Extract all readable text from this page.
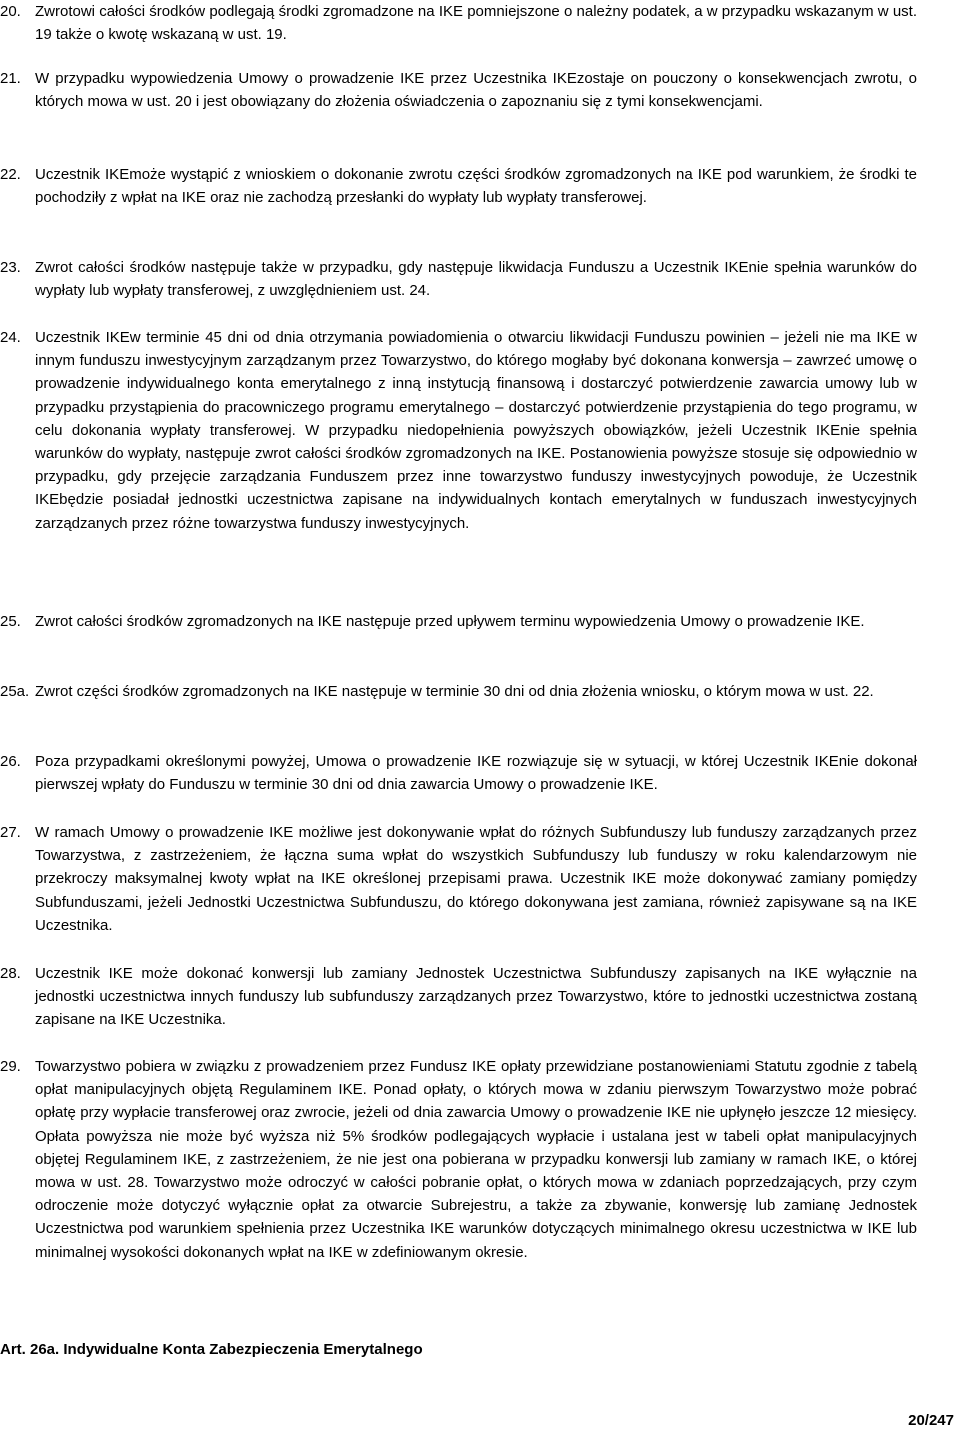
20. Zwrotowi całości środków podlegają środki zgromadzone na IKE pomniejszone o należny podatek, a w przypadku wskazanym w ust. 19 także o kwotę wskazaną w ust. 19.
21. W przypadku wypowiedzenia Umowy o prowadzenie IKE przez Uczestnika IKEzostaje on pouczony o konsekwencjach zwrotu, o których mowa w ust. 20 i jest obowiązany do złożenia oświadczenia o zapoznaniu się z tymi konsekwencjami.
22. Uczestnik IKEmoże wystąpić z wnioskiem o dokonanie zwrotu części środków zgromadzonych na IKE pod warunkiem, że środki te pochodziły z wpłat na IKE oraz nie zachodzą przesłanki do wypłaty lub wypłaty transferowej.
23. Zwrot całości środków następuje także w przypadku, gdy następuje likwidacja Funduszu a Uczestnik IKEnie spełnia warunków do wypłaty lub wypłaty transferowej, z uwzględnieniem ust. 24.
24. Uczestnik IKEw terminie 45 dni od dnia otrzymania powiadomienia o otwarciu likwidacji Funduszu powinien – jeżeli nie ma IKE w innym funduszu inwestycyjnym zarządzanym przez Towarzystwo, do którego mogłaby być dokonana konwersja – zawrzeć umowę o prowadzenie indywidualnego konta emerytalnego z inną instytucją finansową i dostarczyć potwierdzenie zawarcia umowy lub w przypadku przystąpienia do pracowniczego programu emerytalnego – dostarczyć potwierdzenie przystąpienia do tego programu, w celu dokonania wypłaty transferowej. W przypadku niedopełnienia powyższych obowiązków, jeżeli Uczestnik IKEnie spełnia warunków do wypłaty, następuje zwrot całości środków zgromadzonych na IKE. Postanowienia powyższe stosuje się odpowiednio w przypadku, gdy przejęcie zarządzania Funduszem przez inne towarzystwo funduszy inwestycyjnych powoduje, że Uczestnik IKEbędzie posiadał jednostki uczestnictwa zapisane na indywidualnych kontach emerytalnych w funduszach inwestycyjnych zarządzanych przez różne towarzystwa funduszy inwestycyjnych.
25. Zwrot całości środków zgromadzonych na IKE następuje przed upływem terminu wypowiedzenia Umowy o prowadzenie IKE.
25a. Zwrot części środków zgromadzonych na IKE następuje w terminie 30 dni od dnia złożenia wniosku, o którym mowa w ust. 22.
26. Poza przypadkami określonymi powyżej, Umowa o prowadzenie IKE rozwiązuje się w sytuacji, w której Uczestnik IKEnie dokonał pierwszej wpłaty do Funduszu w terminie 30 dni od dnia zawarcia Umowy o prowadzenie IKE.
27. W ramach Umowy o prowadzenie IKE możliwe jest dokonywanie wpłat do różnych Subfunduszy lub funduszy zarządzanych przez Towarzystwa, z zastrzeżeniem, że łączna suma wpłat do wszystkich Subfunduszy lub funduszy w roku kalendarzowym nie przekroczy maksymalnej kwoty wpłat na IKE określonej przepisami prawa. Uczestnik IKE może dokonywać zamiany pomiędzy Subfunduszami, jeżeli Jednostki Uczestnictwa Subfunduszu, do którego dokonywana jest zamiana, również zapisywane są na IKE Uczestnika.
28. Uczestnik IKE może dokonać konwersji lub zamiany Jednostek Uczestnictwa Subfunduszy zapisanych na IKE wyłącznie na jednostki uczestnictwa innych funduszy lub subfunduszy zarządzanych przez Towarzystwo, które to jednostki uczestnictwa zostaną zapisane na IKE Uczestnika.
29. Towarzystwo pobiera w związku z prowadzeniem przez Fundusz IKE opłaty przewidziane postanowieniami Statutu zgodnie z tabelą opłat manipulacyjnych objętą Regulaminem IKE. Ponad opłaty, o których mowa w zdaniu pierwszym Towarzystwo może pobrać opłatę przy wypłacie transferowej oraz zwrocie, jeżeli od dnia zawarcia Umowy o prowadzenie IKE nie upłynęło jeszcze 12 miesięcy. Opłata powyższa nie może być wyższa niż 5% środków podlegających wypłacie i ustalana jest w tabeli opłat manipulacyjnych objętej Regulaminem IKE, z zastrzeżeniem, że nie jest ona pobierana w przypadku konwersji lub zamiany w ramach IKE, o której mowa w ust. 28. Towarzystwo może odroczyć w całości pobranie opłat, o których mowa w zdaniach poprzedzających, przy czym odroczenie może dotyczyć wyłącznie opłat za otwarcie Subrejestru, a także za zbywanie, konwersję lub zamianę Jednostek Uczestnictwa pod warunkiem spełnienia przez Uczestnika IKE warunków dotyczących minimalnego okresu uczestnictwa w IKE lub minimalnej wysokości dokonanych wpłat na IKE w zdefiniowanym okresie.
Art. 26a. Indywidualne Konta Zabezpieczenia Emerytalnego
20/247
